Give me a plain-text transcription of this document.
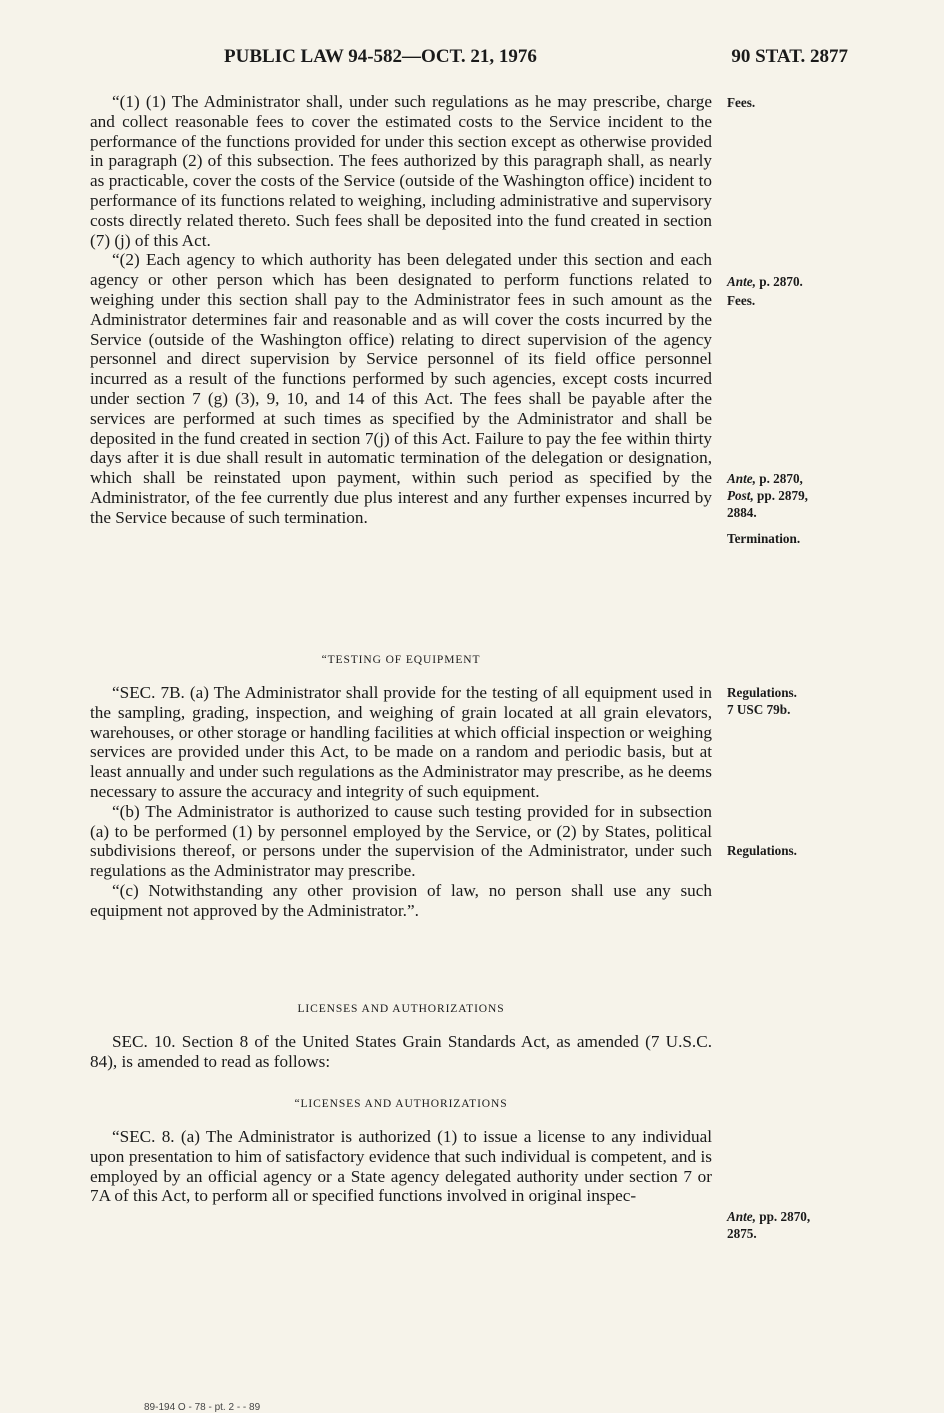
PUBLIC LAW 94-582—OCT. 21, 1976	90 STAT. 2877

“(1) (1) The Administrator shall, under such regulations as he may prescribe, charge and collect reasonable fees to cover the estimated costs to the Service incident to the performance of the functions provided for under this section except as otherwise provided in paragraph (2) of this subsection. The fees authorized by this paragraph shall, as nearly as practicable, cover the costs of the Service (outside of the Washington office) incident to performance of its functions related to weighing, including administrative and supervisory costs directly related thereto. Such fees shall be deposited into the fund created in section (7) (j) of this Act.

“(2) Each agency to which authority has been delegated under this section and each agency or other person which has been designated to perform functions related to weighing under this section shall pay to the Administrator fees in such amount as the Administrator determines fair and reasonable and as will cover the costs incurred by the Service (outside of the Washington office) relating to direct supervision of the agency personnel and direct supervision by Service personnel of its field office personnel incurred as a result of the functions performed by such agencies, except costs incurred under section 7 (g) (3), 9, 10, and 14 of this Act. The fees shall be payable after the services are performed at such times as specified by the Administrator and shall be deposited in the fund created in section 7(j) of this Act. Failure to pay the fee within thirty days after it is due shall result in automatic termination of the delegation or designation, which shall be reinstated upon payment, within such period as specified by the Administrator, of the fee currently due plus interest and any further expenses incurred by the Service because of such termination.

“TESTING OF EQUIPMENT

“SEC. 7B. (a) The Administrator shall provide for the testing of all equipment used in the sampling, grading, inspection, and weighing of grain located at all grain elevators, warehouses, or other storage or handling facilities at which official inspection or weighing services are provided under this Act, to be made on a random and periodic basis, but at least annually and under such regulations as the Administrator may prescribe, as he deems necessary to assure the accuracy and integrity of such equipment.

“(b) The Administrator is authorized to cause such testing provided for in subsection (a) to be performed (1) by personnel employed by the Service, or (2) by States, political subdivisions thereof, or persons under the supervision of the Administrator, under such regulations as the Administrator may prescribe.

“(c) Notwithstanding any other provision of law, no person shall use any such equipment not approved by the Administrator.”.

LICENSES AND AUTHORIZATIONS

SEC. 10. Section 8 of the United States Grain Standards Act, as amended (7 U.S.C. 84), is amended to read as follows:

“LICENSES AND AUTHORIZATIONS

“SEC. 8. (a) The Administrator is authorized (1) to issue a license to any individual upon presentation to him of satisfactory evidence that such individual is competent, and is employed by an official agency or a State agency delegated authority under section 7 or 7A of this Act, to perform all or specified functions involved in original inspec-

Fees.
Ante, p. 2870.
Fees.
Ante, p. 2870,
Post, pp. 2879,
2884.
Termination.
Regulations.
7 USC 79b.
Regulations.
Ante, pp. 2870,
2875.
89-194 O - 78 - pt. 2 - - 89
